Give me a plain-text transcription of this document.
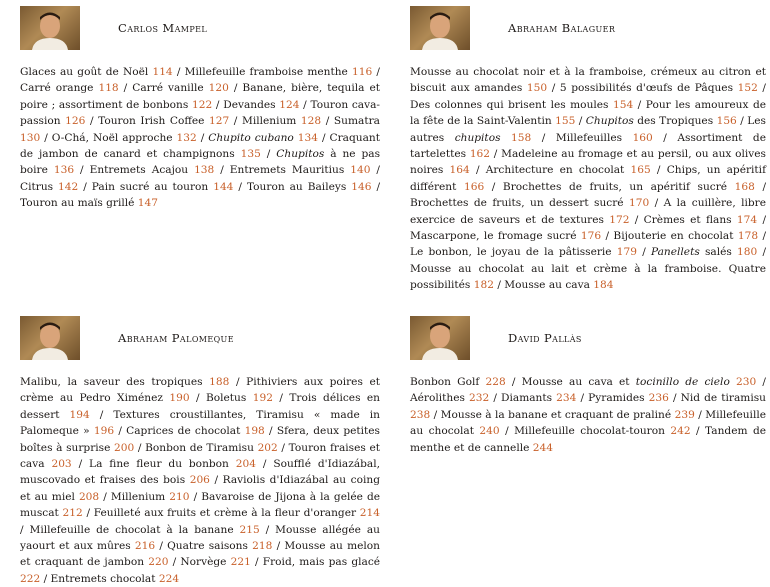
Carlos Mampel

Glaces au goût de Noël 114 / Millefeuille framboise menthe 116 / Carré orange 118 / Carré vanille 120 / Banane, bière, tequila et poire ; assortiment de bonbons 122 / Devandes 124 / Touron cava-passion 126 / Touron Irish Coffee 127 / Millenium 128 / Sumatra 130 / O-Chá, Noël approche 132 / Chupito cubano 134 / Craquant de jambon de canard et champignons 135 / Chupitos à ne pas boire 136 / Entremets Acajou 138 / Entremets Mauritius 140 / Citrus 142 / Pain sucré au touron 144 / Touron au Baileys 146 / Touron au maïs grillé 147

Abraham Balaguer

Mousse au chocolat noir et à la framboise, crémeux au citron et biscuit aux amandes 150 / 5 possibilités d'œufs de Pâques 152 / Des colonnes qui brisent les moules 154 / Pour les amoureux de la fête de la Saint-Valentin 155 / Chupitos des Tropiques 156 / Les autres chupitos 158 / Millefeuilles 160 / Assortiment de tartelettes 162 / Madeleine au fromage et au persil, ou aux olives noires 164 / Architecture en chocolat 165 / Chips, un apéritif différent 166 / Brochettes de fruits, un apéritif sucré 168 / Brochettes de fruits, un dessert sucré 170 / A la cuillère, libre exercice de saveurs et de textures 172 / Crèmes et flans 174 / Mascarpone, le fromage sucré 176 / Bijouterie en chocolat 178 / Le bonbon, le joyau de la pâtisserie 179 / Panellets salés 180 / Mousse au chocolat au lait et crème à la framboise. Quatre possibilités 182 / Mousse au cava 184

Abraham Palomeque

Malibu, la saveur des tropiques 188 / Pithiviers aux poires et crème au Pedro Ximénez 190 / Boletus 192 / Trois délices en dessert 194 / Textures croustillantes, Tiramisu « made in Palomeque » 196 / Caprices de chocolat 198 / Sfera, deux petites boîtes à surprise 200 / Bonbon de Tiramisu 202 / Touron fraises et cava 203 / La fine fleur du bonbon 204 / Soufflé d'Idiazábal, muscovado et fraises des bois 206 / Raviolis d'Idiazábal au coing et au miel 208 / Millenium 210 / Bavaroise de Jijona à la gelée de muscat 212 / Feuilleté aux fruits et crème à la fleur d'oranger 214 / Millefeuille de chocolat à la banane 215 / Mousse allégée au yaourt et aux mûres 216 / Quatre saisons 218 / Mousse au melon et craquant de jambon 220 / Norvège 221 / Froid, mais pas glacé 222 / Entremets chocolat 224

David Pallàs

Bonbon Golf 228 / Mousse au cava et tocinillo de cielo 230 / Aérolithes 232 / Diamants 234 / Pyramides 236 / Nid de tiramisu 238 / Mousse à la banane et craquant de praliné 239 / Millefeuille au chocolat 240 / Millefeuille chocolat-touron 242 / Tandem de menthe et de cannelle 244
